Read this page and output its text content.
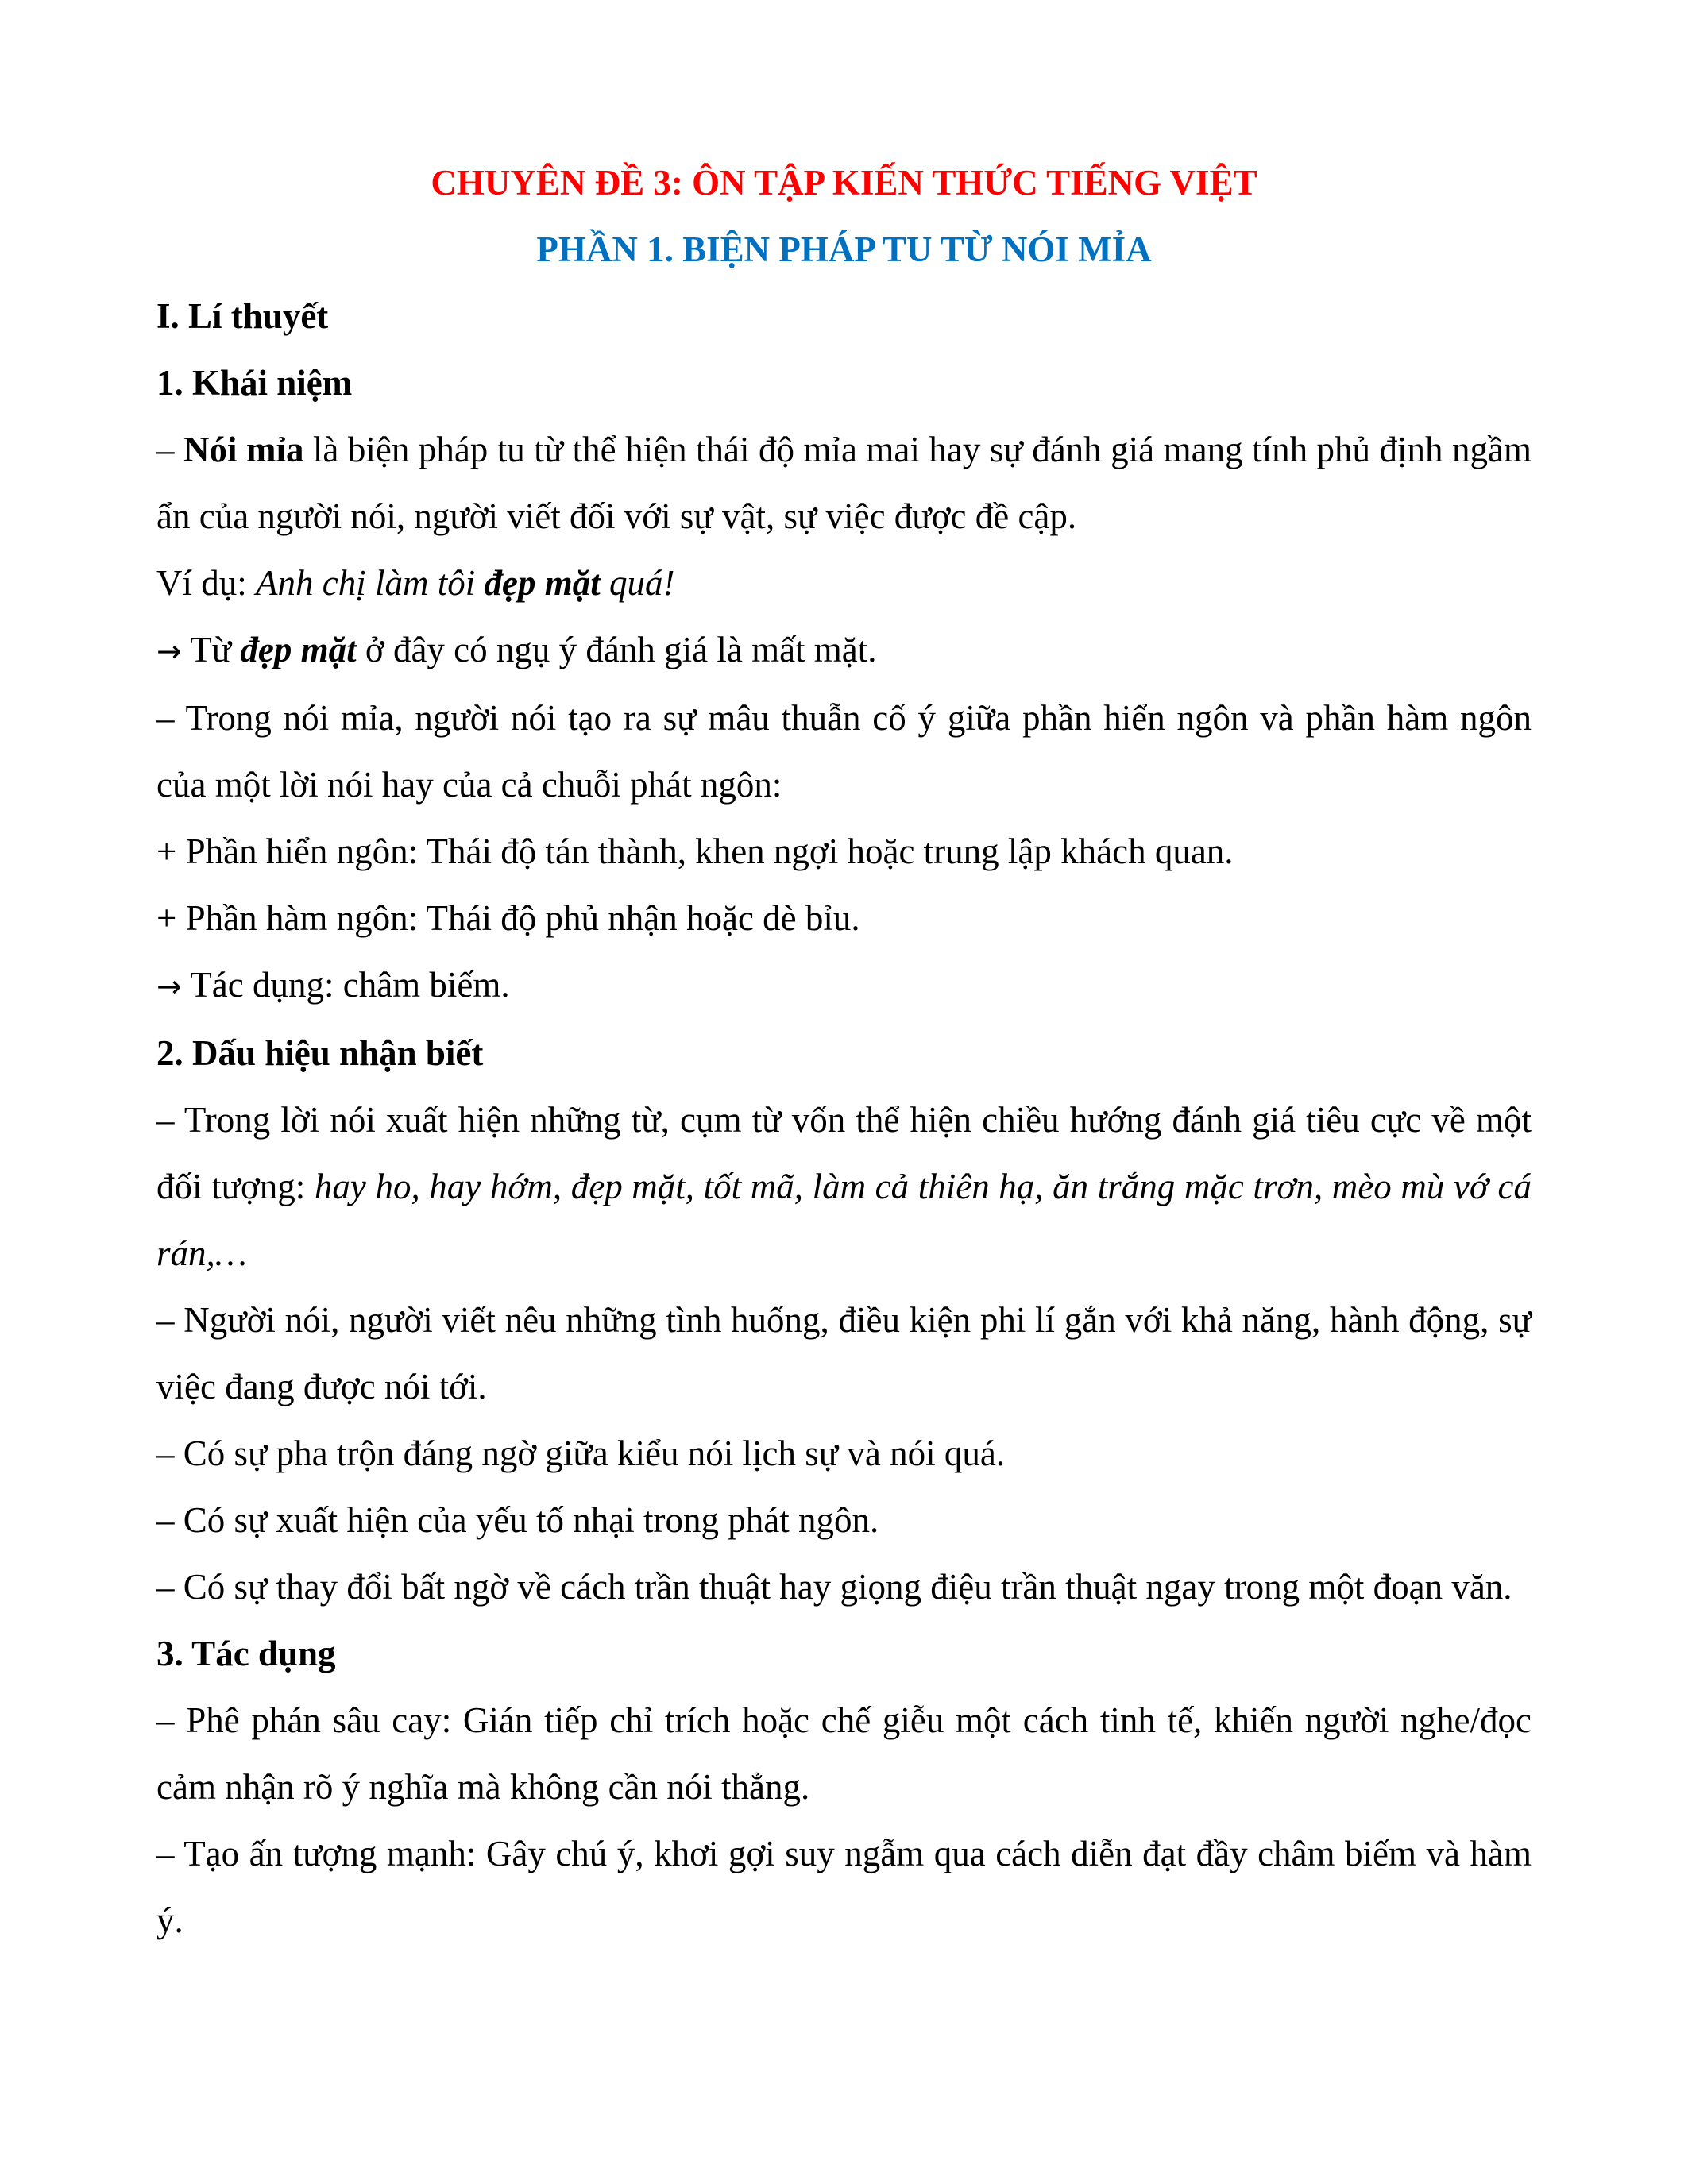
CHUYÊN ĐỀ 3: ÔN TẬP KIẾN THỨC TIẾNG VIỆT

PHẦN 1. BIỆN PHÁP TU TỪ NÓI MỈA

I. Lí thuyết

1. Khái niệm

– Nói mỉa là biện pháp tu từ thể hiện thái độ mỉa mai hay sự đánh giá mang tính phủ định ngầm ẩn của người nói, người viết đối với sự vật, sự việc được đề cập.

Ví dụ: Anh chị làm tôi đẹp mặt quá!

→ Từ đẹp mặt ở đây có ngụ ý đánh giá là mất mặt.

– Trong nói mỉa, người nói tạo ra sự mâu thuẫn cố ý giữa phần hiển ngôn và phần hàm ngôn của một lời nói hay của cả chuỗi phát ngôn:

+ Phần hiển ngôn: Thái độ tán thành, khen ngợi hoặc trung lập khách quan.

+ Phần hàm ngôn: Thái độ phủ nhận hoặc dè bỉu.

→ Tác dụng: châm biếm.

2. Dấu hiệu nhận biết

– Trong lời nói xuất hiện những từ, cụm từ vốn thể hiện chiều hướng đánh giá tiêu cực về một đối tượng: hay ho, hay hớm, đẹp mặt, tốt mã, làm cả thiên hạ, ăn trắng mặc trơn, mèo mù vớ cá rán,…

– Người nói, người viết nêu những tình huống, điều kiện phi lí gắn với khả năng, hành động, sự việc đang được nói tới.

– Có sự pha trộn đáng ngờ giữa kiểu nói lịch sự và nói quá.

– Có sự xuất hiện của yếu tố nhại trong phát ngôn.

– Có sự thay đổi bất ngờ về cách trần thuật hay giọng điệu trần thuật ngay trong một đoạn văn.

3. Tác dụng

– Phê phán sâu cay: Gián tiếp chỉ trích hoặc chế giễu một cách tinh tế, khiến người nghe/đọc cảm nhận rõ ý nghĩa mà không cần nói thẳng.

– Tạo ấn tượng mạnh: Gây chú ý, khơi gợi suy ngẫm qua cách diễn đạt đầy châm biếm và hàm ý.
